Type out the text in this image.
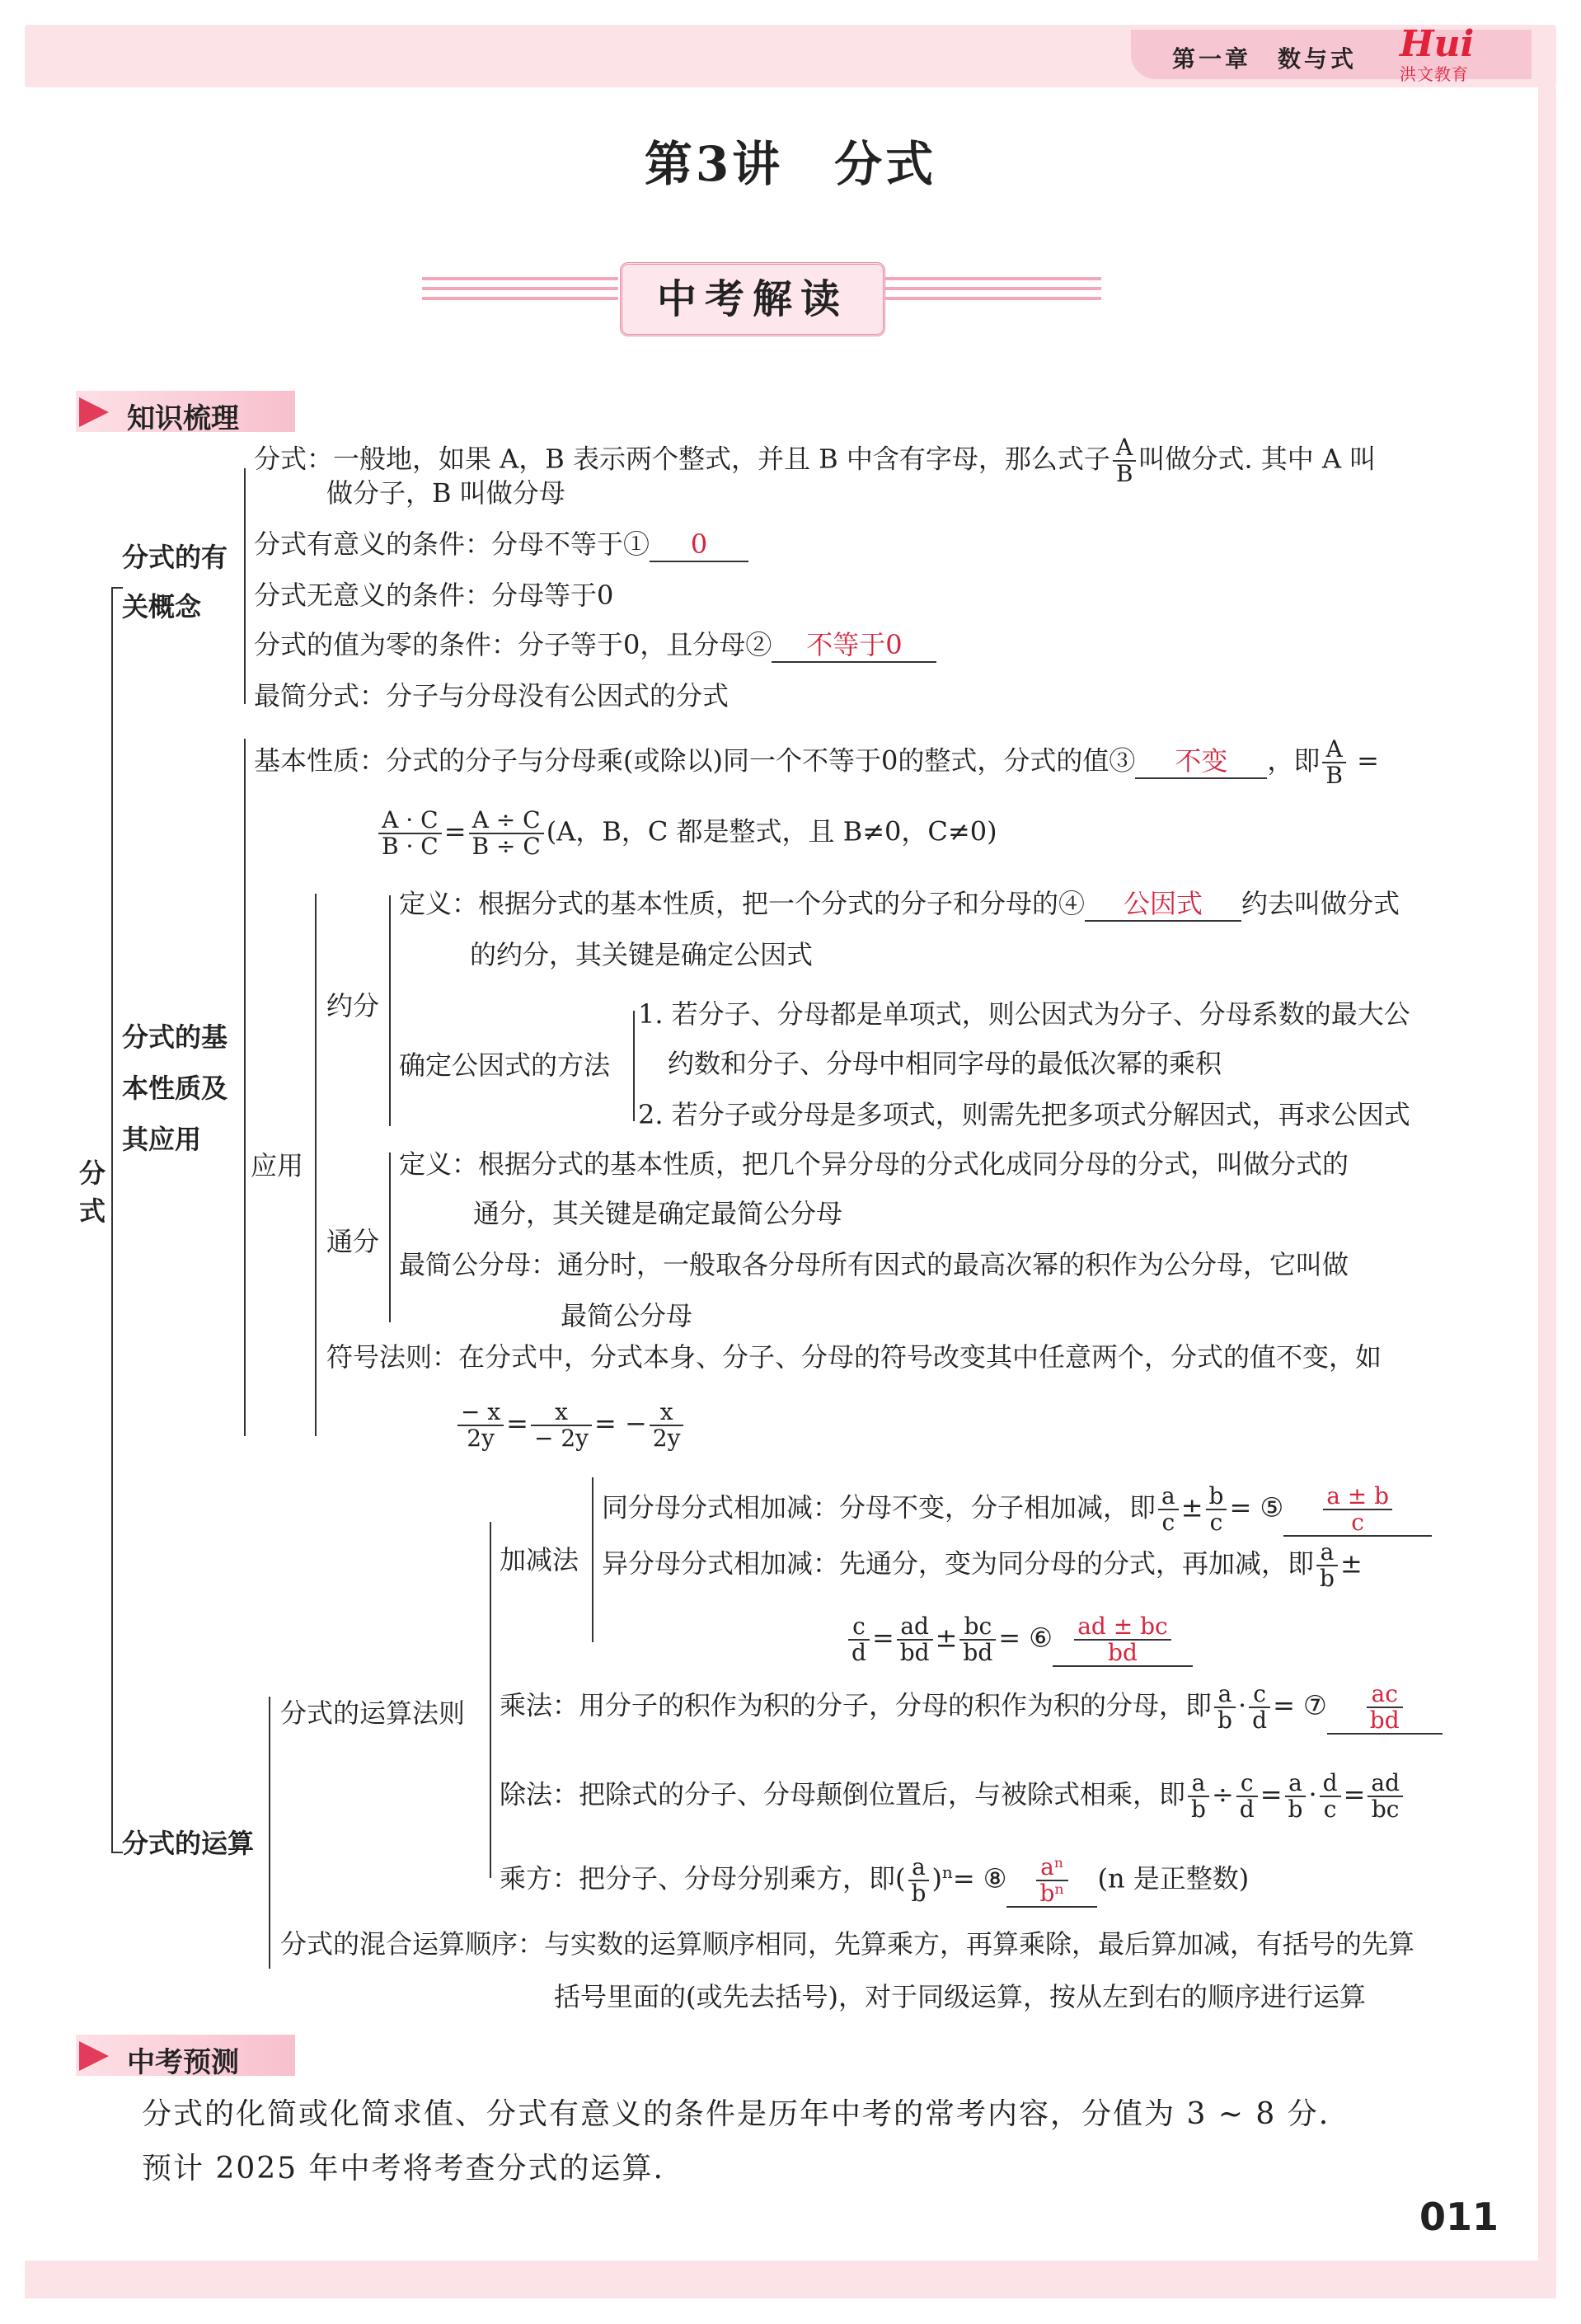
第一章 数与式 Hui
洪文教育
第3讲　分式
中考解读
知识梳理
分式
分式的有
关概念
分式的基
本性质及
其应用
分式的运算
分式：一般地，如果 A，B 表示两个整式，并且 B 中含有字母，那么式子 $\frac{A}{B}$ 叫做分式. 其中 A 叫
做分子，B 叫做分母
分式有意义的条件：分母不等于① 0
分式无意义的条件：分母等于0
分式的值为零的条件：分子等于0，且分母② 不等于0
最简分式：分子与分母没有公因式的分式
基本性质：分式的分子与分母乘(或除以)同一个不等于0的整式，分式的值③ 不变 ，即 $\frac{A}{B}$ =
$\frac{A \cdot C}{B \cdot C} = \frac{A \div C}{B \div C} (A$，B，C 都是整式，且 B≠0，C≠0)
应用
约分
定义：根据分式的基本性质，把一个分式的分子和分母的④ 公因式 约去叫做分式
的约分，其关键是确定公因式
确定公因式的方法
1. 若分子、分母都是单项式，则公因式为分子、分母系数的最大公
约数和分子、分母中相同字母的最低次幂的乘积
2. 若分子或分母是多项式，则需先把多项式分解因式，再求公因式
通分
定义：根据分式的基本性质，把几个异分母的分式化成同分母的分式，叫做分式的
通分，其关键是确定最简公分母
最简公分母：通分时，一般取各分母所有因式的最高次幂的积作为公分母，它叫做
最简公分母
符号法则：在分式中，分式本身、分子、分母的符号改变其中任意两个，分式的值不变，如
$\frac{- x}{2y} = \frac{x}{- 2y}$ = − $\frac{x}{2y}$
分式的运算法则
加减法
同分母分式相加减：分母不变，分子相加减，即 $\frac{a}{c} \pm \frac{b}{c}$ = ⑤ $\frac{a \pm b}{c}$
异分母分式相加减：先通分，变为同分母的分式，再加减，即 $\frac{a}{b}$ ±
$\frac{c}{d} = \frac{ad}{bd} \pm \frac{bc}{bd}$ = ⑥ $\frac{ad \pm bc}{bd}$
乘法：用分子的积作为积的分子，分母的积作为积的分母，即 $\frac{a}{b} \cdot \frac{c}{d}$ = ⑦ $\frac{ac}{bd}$
除法：把除式的分子、分母颠倒位置后，与被除式相乘，即 $\frac{a}{b} \div \frac{c}{d} = \frac{a}{b} \cdot \frac{d}{c} = \frac{ad}{bc}$
乘方：把分子、分母分别乘方，即( $\frac{a}{b} )^n=$ ⑧ $\frac{\text{aⁿ}}{\text{bⁿ}} (n$ 是正整数)
分式的混合运算顺序：与实数的运算顺序相同，先算乘方，再算乘除，最后算加减，有括号的先算
括号里面的(或先去括号)，对于同级运算，按从左到右的顺序进行运算
中考预测
分式的化简或化简求值、分式有意义的条件是历年中考的常考内容，分值为 3 ~ 8 分.
预计 2025 年中考将考查分式的运算.
011
